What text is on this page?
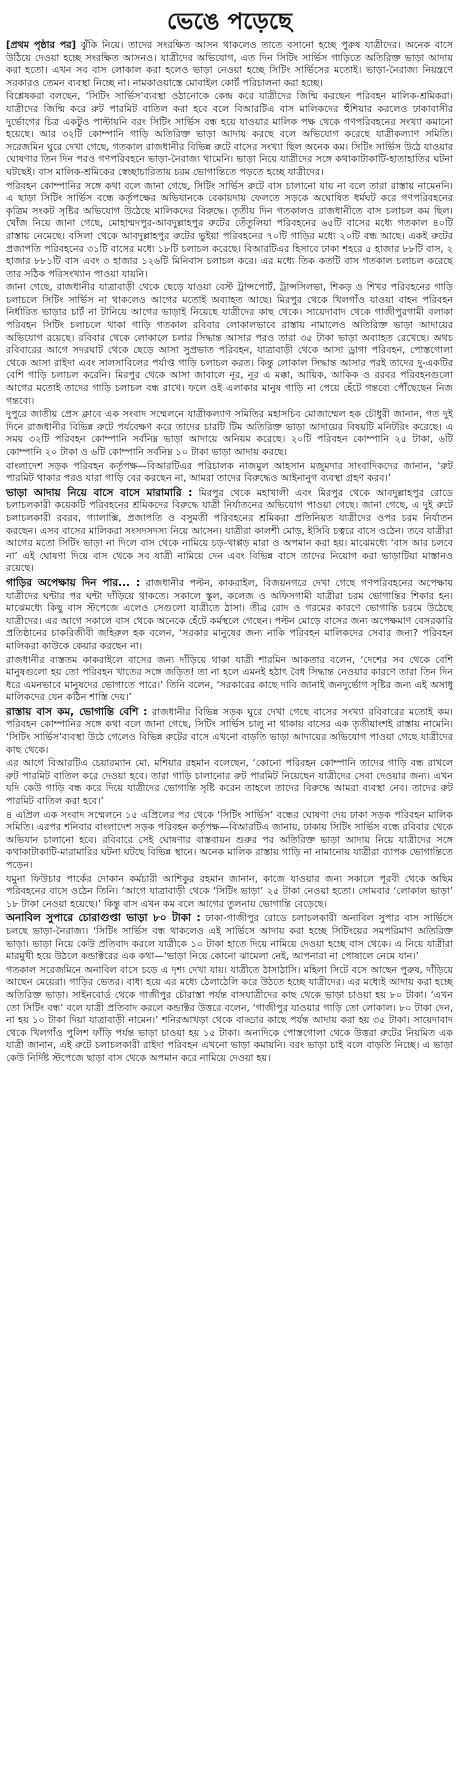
ভেঙে পড়েছে

[প্রথম পৃষ্ঠার পর] ঝুঁকি নিয়ে। তাদের সংরক্ষিত আসন থাকলেও তাতে বসানো হচ্ছে পুরুষ যাত্রীদের। অনেক বাসে উঠিয়ে দেওয়া হচ্ছে সংরক্ষিত আসনও। যাত্রীদের অভিযোগ, এত দিন সিটিং সার্ভিস গাড়িতে অতিরিক্ত ভাড়া আদায় করা হতো। এখন সব বাস লোকাল করা হলেও ভাড়া নেওয়া হচ্ছে সিটিং সার্ভিসের মতোই। ভাড়া-নৈরাজ্য নিয়ন্ত্রণে সরকারও তেমন ব্যবস্থা নিচ্ছে না। নামকাওয়াস্তে মোবাইল কোর্ট পরিচালনা করা হচ্ছে।

বিশ্লেষকরা বলছেন, ‘সিটিং সার্ভিস’ব্যবস্থা ওঠানোকে কেন্দ্র করে যাত্রীদের জিম্মি করছেন পরিবহন মালিক-শ্রমিকরা। যাত্রীদের জিম্মি করে রুট পারমিট বাতিল করা হবে বলে বিআরটিএ বাস মালিকদের হুঁশিয়ার করলেও ঢাকাবাসীর দুর্ভোগের চিত্র একটুও পাল্টায়নি বরং সিটিং সার্ভিস বন্ধ হয়ে যাওয়ার মালিক পক্ষ থেকে গণপরিবহনের সংখ্যা কমানো হয়েছে। আর ৩২টি কোম্পানি গাড়ি অতিরিক্ত ভাড়া আদায় করছে বলে অভিযোগ করেছে যাত্রীকল্যাণ সমিতি। সরেজমিন ঘুরে দেখা গেছে, গতকাল রাজধানীর বিভিন্ন রুটে বাসের সংখ্যা ছিল অনেক কম। সিটিং সার্ভিস উঠে যাওয়ার ঘোষণার তিন দিন পরও গণপরিবহনে ভাড়া-নৈরাজ্য থামেনি। ভাড়া নিয়ে যাত্রীদের সঙ্গে কথাকাটাকাটি-হাতাহাতির ঘটনা ঘটছেই। বাস মালিক-শ্রমিকের স্বেচ্ছাচারিতায় চরম ভোগান্তিতে পড়তে হচ্ছে যাত্রীদের।

পরিবহন কোম্পানির সঙ্গে কথা বলে জানা গেছে, সিটিং সার্ভিস রুটে বাস চালানো যায় না বলে তারা রাস্তায় নামেননি। এ ছাড়া সিটিং সার্ভিস বন্ধে কর্তৃপক্ষের অভিযানকে বেকায়দায় ফেলতে সড়কে অঘোষিত ধর্মঘট করে গণপরিবহনের কৃত্রিম সংকট সৃষ্টির অভিযোগ উঠেছে মালিকদের বিরুদ্ধে। তৃতীয় দিন গতকালও রাজধানীতে বাস চলাচল কম ছিল। খোঁজ নিয়ে জানা গেছে, মোহাম্মদপুর-আবদুল্লাহপুর রুটের তেঁতুলিয়া পরিবহনের ৬৫টি বাসের মধ্যে গতকাল ৪০টি রাস্তায় নেমেছে। বসিলা থেকে আবদুল্লাহপুর রুটের ভুইয়া পরিবহনের ৭০টি গাড়ির মধ্যে ২০টি বন্ধ আছে। একই রুটের প্রজাপতি পরিবহনের ৩১টি বাসের মধ্যে ১৮টি চলাচল করেছে। বিআরটিএর হিসাবে ঢাকা শহরে ৫ হাজার ৮৮টি বাস, ২ হাজার ৮৮১টি বাস এবং ৩ হাজার ১২৬টি মিনিবাস চলাচল করে। এর মধ্যে তিক কতটি বাস গতকাল চলাচল করেছে তার সঠিক পরিসংখ্যান পাওয়া যায়নি।

জানা গেছে, রাজধানীর যাত্রাবাড়ী থেকে ছেড়ে যাওয়া বেস্ট ট্রান্সপোর্ট, ট্রান্সসিলভা, শিকড় ও শিখর পরিবহনের গাড়ি চলাচলে সিটিং সার্ভিস না থাকলেও আগের মতোই অব্যাহত আছে। মিরপুর থেকে খিলগাঁও যাওয়া বাহন পরিবহন নির্ধারিত ভাড়ার চার্ট না টানিয়ে আগের ভাড়াই নিয়েছে যাত্রীদের কাছ থেকে। সায়েদাবাদ থেকে গাজীপুরগামী বলাকা পরিবহন সিটিং চলাচলে থাকা গাড়ি গতকাল রবিবার লোকালভাবে রাস্তায় নামালেও অতিরিক্ত ভাড়া আদায়ের অভিযোগ রয়েছে। রবিবার থেকে লোকালে চলার সিদ্ধান্ত আসার পরও তারা ৩৫ টাকা ভাড়া অব্যাহত রেখেছে। অথচ রবিবারের আগে সদরঘাট থেকে ছেড়ে আসা সুপ্রভাত পরিবহন, যাত্রাবাড়ী থেকে আসা ড্রাগা পরিবহন, পোস্তগোলা থেকে আসা রাইদা এবং সালসাবিলের পর্যাপ্ত গাড়ি চলাচল করত। কিন্তু লোকাল সিদ্ধান্ত আসার পরই তাদের দু-একটির বেশি গাড়ি চলাচল করেনি। মিরপুর থেকে আসা জাবালে নূর, নূর এ মক্কা, আয়িক, আকিক ও ররবর পরিবহনগুলো আগের মতোই তাদের গাড়ি চলাচল বন্ধ রাখে। ফলে ওই এলাকার মানুষ গাড়ি না পেয়ে হেঁটে গন্তব্যে পৌঁছেছেন নিজ গন্তব্যে।

দুপুরে জাতীয় প্রেস ক্লাবে এক সংবাদ সম্মেলনে যাত্রীকল্যাণ সমিতির মহাসচিব মোজাম্মেল হক চৌধুরী জানান, গত দুই দিনে রাজধানীর বিভিন্ন রুটে পর্যবেক্ষণ করে তাদের চারটি টিম অতিরিক্ত ভাড়া আদায়ের বিষয়টি মনিটরিং করেছে। এ সময় ৩২টি পরিবহন কোম্পানি সর্বনিম্ন ভাড়া আদায়ে অনিয়ম করেছে। ২০টি পরিবহন কোম্পানি ২৫ টাকা, ৬টি কোম্পানি ২০ টাকা ও ৬টি কোম্পানি সর্বনিম্ন ১০ টাকা ভাড়া আদায় করছে।

বাংলাদেশ সড়ক পরিবহন কর্তৃপক্ষ—বিআরটিএর পরিচালক নাজমুল আহসান মজুমদার সাংবাদিকদের জানান, ‘রুট পারমিট থাকার পরও যারা গাড়ি বের করছেন না, আমরা তাদের বিরুদ্ধেও আইনানুগ ব্যবস্থা গ্রহণ করব।’

ভাড়া আদায় নিয়ে বাসে বাসে মারামারি : মিরপুর থেকে মহাখালী এবং মিরপুর থেকে আবদুল্লাহপুর রোডে চলাচলকারী কয়েকটি পরিবহনের শ্রমিকদের বিরুদ্ধে যাত্রী নির্যাতনের অভিযোগ পাওয়া গেছে। জানা গেছে, এ দুই রুটে চলাচলকারী রবরব, গ্যালাক্সি, প্রজাপতি ও বসুমতী পরিবহনের শ্রমিকরা প্রতিনিয়ত যাত্রীদের ওপর চরম নির্যাতন করছেন। এসব বাসের মালিকরা সংসদসদস্য নিয়ে আসেন। যাত্রীরা কালশী মোড়, ইসিবি চত্বরে বাসে ওঠেন। তবে যাত্রীরা আগের মতো সিটিং ভাড়া না দিলে বাস থেকে নামিয়ে চড়-থাপ্পড় মারা ও অপমান করা হয়। মাঝেমধ্যে ‘বাস আর চলবে না’ এই ঘোষণা দিয়ে বাস থেকে সব যাত্রী নামিয়ে দেন এবং বিভিন্ন বাসে তাদের নিয়োগ করা ভাড়াটিয়া মাস্তানও রয়েছে।

গাড়ির অপেক্ষায় দিন পার... : রাজধানীর পল্টন, কাকরাইল, বিজয়নগরে দেখা গেছে গণপরিবহনের অপেক্ষায় যাত্রীদের ঘন্টার পর ঘন্টা দাঁড়িয়ে থাকতে। সকালে স্কুল, কলেজ ও অফিসগামী যাত্রীরা চরম ভোগান্তির শিকার হন। মাঝেমধ্যে কিছু বাস স্টপেজে এলেও সেগুলো যাত্রীতে ঠাসা। তীব্র রোদ ও গরমের কারণে ভোগান্তি চরমে উঠেছে যাত্রীদের। এর আগে সকালে বাস থেকে অনেকে হেঁটে কর্মস্থলে গেছেন। পল্টন মোড়ে বাসের জন্য অপেক্ষমাণ বেসরকারি প্রতিষ্ঠানের চাকরিজীবী জহিরুল হক বলেন, ‘সরকার মানুষের জন্য নাকি পরিবহন মালিকদের সেবার জন্য? পরিবহন মালিকরা কাউকে কেয়ার করছেন না।

রাজধানীর ব্যস্ততম কাকরাইলে বাসের জন্য দাঁড়িয়ে থাকা যাত্রী শারমিন আকতার বলেন, ‘দেশের সব থেকে বেশি মানুষগুলো হয় তো পরিবহন খাতের সঙ্গে জড়িত! তা না হলে এমনই হঠাৎ বৈধ সিদ্ধান্ত নেওয়ার কারণে তারা তিন দিন ধরে এমনভাবে মানুষদের ভোগাতে পারে।’ তিনি বলেন, ‘সরকারের কাছে দাবি জানাই জনদুর্ভোগ সৃষ্টির জন্য এই অসাধু মালিকদের যেন কঠিন শাস্তি দেয়।’

রাস্তায় বাস কম, ভোগান্তি বেশি : রাজধানীর বিভিন্ন সড়ক ঘুরে দেখা গেছে বাসের সংখ্যা রবিবারের মতোই কম। পরিবহন কোম্পানির সঙ্গে কথা বলে জানা গেছে, সিটিং সার্ভিস চালু না থাকায় বাসের এক তৃতীয়াংশই রাস্তায় নামেনি। ‘সিটিং সার্ভিস’ব্যবস্থা উঠে গেলেও বিভিন্ন রুটের বাসে এখনো বাড়তি ভাড়া আদায়ের অভিযোগ পাওয়া গেছে যাত্রীদের কাছ থেকে।

এর আগে বিআরটিএ চেয়ারম্যান মো. মশিয়ার রহমান বলেছেন, ‘কোনো পরিবহন কোম্পানি তাদের গাড়ি বন্ধ রাখলে রুট পারমিট বাতিল করে দেওয়া হবে। তারা গাড়ি চালানোর রুট পারমিট নিয়েছেন যাত্রীদের সেবা দেওয়ার জন্য। এখন যদি কেউ গাড়ি বন্ধ করে দিয়ে যাত্রীদের ভোগান্তি সৃষ্টি করেন তাহলে তাদের বিরুদ্ধে আমরা ব্যবস্থা নেব। তাদের রুট পারমিট বাতিল করা হবে।’

৪ এপ্রিল এক সংবাদ সম্মেলনে ১৫ এপ্রিলের পর থেকে ‘সিটিং সার্ভিস’ বন্ধের ঘোষণা দেয় ঢাকা সড়ক পরিবহন মালিক সমিতি। এরপর শনিবার বাংলাদেশ সড়ক পরিবহন কর্তৃপক্ষ—বিআরটিএ জানায়, ঢাকায় সিটিং সার্ভিস বন্ধে রবিবার থেকে অভিযান চালানো হবে। রবিবারে সেই ঘোষণার বাস্তবায়ন শুরুর পর অতিরিক্ত ভাড়া আদায় নিয়ে যাত্রীদের সঙ্গে কথাকাটাকাটি-মারামারির ঘটনা ঘটছে বিভিন্ন স্থানে। অনেক মালিক রাস্তায় গাড়ি না নামানোয় যাত্রীরা ব্যাপক ভোগান্তিতে পড়েন।

যমুনা ফিউচার পার্কের দোকান কর্মচারী আশিকুর রহমান জানান, কাজে যাওয়ার জন্য সকালে পূরবী থেকে অছিম পরিবহনের বাসে ওঠেন তিনি। ‘আগে যাত্রাবাড়ী থেকে ‘সিটিং ভাড়া’ ২৫ টাকা নেওয়া হতো। সোমবার ‘লোকাল ভাড়া’ ১৮ টাকা নেওয়া হয়েছে।’ কিন্তু বাস এখন কম বলে আগের তুলনায় ভোগান্তি বেড়েছে।

অনাবিল সুপারে চোরাগুপ্তা ভাড়া ৮০ টাকা : ঢাকা-গাজীপুর রোডে চলাচলকারী অনাবিল সুপার বাস সার্ভিসে চলছে ভাড়া-নৈরাজ্য। ‘সিটিং সার্ভিস বন্ধ থাকলেও এই সার্ভিসে আদায় করা হচ্ছে সিটিংয়ের সমপরিমাণ অতিরিক্ত ভাড়া। ভাড়া নিয়ে কেউ প্রতিবাদ করলে যাত্রীকে ১০ টাকা হাতে দিয়ে নামিয়ে দেওয়া হচ্ছে বাস থেকে। এ নিয়ে যাত্রীরা মারমুখী হয়ে উঠলে কন্ডাক্টরের এক কথা—‘ভাড়া নিয়ে কোনো ঝামেলা নেই, আপনারা না পোষালে নেমে যান।’

গতকাল সরেজমিনে অনাবিল বাসে চড়ে এ দৃশ্য দেখা যায়। যাত্রীতে ঠাসাঠাসি। মহিলা সিটে বসে আছেন পুরুষ, দাঁড়িয়ে আছেন মেয়েরা। গাড়ির ভেতর। বাধ্য হয়ে এর মধ্যে ঠেলাঠেলি করে উঠতে হচ্ছে যাত্রীদের। এর মধ্যেই আদায় করা হচ্ছে অতিরিক্ত ভাড়া। সাইনবোর্ড থেকে গাজীপুর চৌরাস্তা পর্যন্ত বাসযাত্রীদের কাছ থেকে ভাড়া চাওয়া হয় ৮০ টাকা। ‘এখন তো সিটিং বন্ধ’ বলে যাত্রী প্রতিবাদ করলে কন্ডাক্টর উত্তরে বলেন, ‘গাজীপুর যাওয়ার গাড়ি তো লোকাল। ৮০ টাকা দেন, না হয় ১০ টাকা দিয়া যাত্রাবাড়ী নামেন।’ শনিরআখড়া থেকে বাড্ডার কাছে পর্যন্ত আদায় করা হয় ৩৫ টাকা। সায়েদাবাদ থেকে খিলগাঁও পুলিশ ফাঁড়ি পর্যন্ত ভাড়া চাওয়া হয় ১৫ টাকা। অন্যদিকে পোস্তগোলা থেকে উত্তরা রুটের নিয়মিত এক যাত্রী জানান, এই রুটে চলাচলকারী রাইদা পরিবহন এখনো ভাড়া কমায়নি। বরং ভাড়া চাই বলে বাড়তি নিচ্ছে। এ ভাড়া কেউ নির্দিষ্ট স্টপেজে ছাড়া বাস থেকে অপমান করে নামিয়ে দেওয়া হয়।
